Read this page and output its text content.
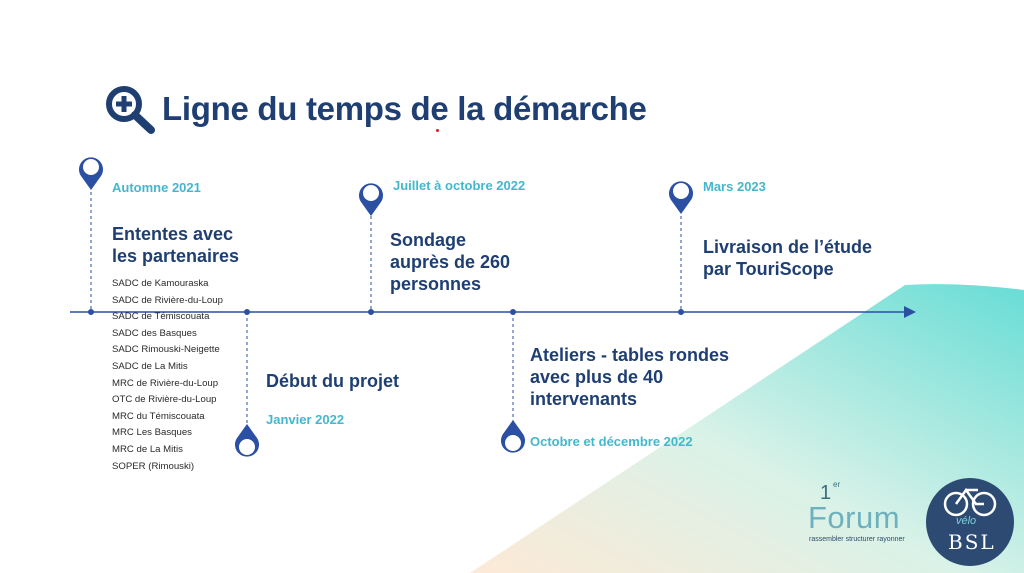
Ligne du temps de la démarche
Automne 2021
Ententes avec
les partenaires
SADC de Kamouraska
SADC de Rivière-du-Loup
SADC de Témiscouata
SADC des Basques
SADC Rimouski-Neigette
SADC de La Mitis
MRC de Rivière-du-Loup
OTC de Rivière-du-Loup
MRC du Témiscouata
MRC Les Basques
MRC de La Mitis
SOPER (Rimouski)
Début du projet
Janvier 2022
Juillet à octobre 2022
Sondage
auprès de 260
personnes
Ateliers - tables rondes
avec plus de 40
intervenants
Octobre et décembre 2022
Mars 2023
Livraison de l’étude
par TouriScope
1 er
Forum
rassembler structurer rayonner
vélo
BSL
